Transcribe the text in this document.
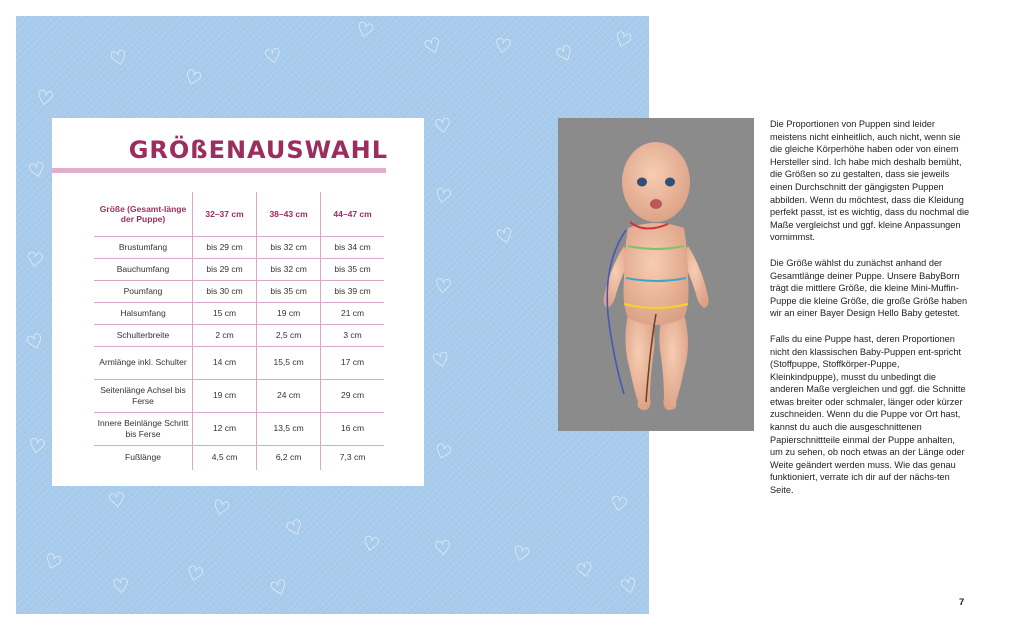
♡
♡
♡
♡
♡ ♡ ♡ ♡
♡
♡
♡
♡
♡
♡
♡
♡
♡
♡
♡
♡	♡
♡
♡	♡	♡
♡
♡
♡	♡	♡
♡
♡
GRÖßENAUSWAHL
Größe (Gesamt-länge der Puppe)	32–37 cm	38–43 cm	44–47 cm
Brustumfang	bis 29 cm	bis 32 cm	bis 34 cm
Bauchumfang	bis 29 cm	bis 32 cm	bis 35 cm
Poumfang	bis 30 cm	bis 35 cm	bis 39 cm
Halsumfang	15 cm	19 cm	21 cm
Schulterbreite	2 cm	2,5 cm	3 cm
Armlänge inkl. Schulter	14 cm	15,5 cm	17 cm
Seitenlänge Achsel bis Ferse	19 cm	24 cm	29 cm
Innere Beinlänge Schritt bis Ferse	12 cm	13,5 cm	16 cm
Fußlänge	4,5 cm	6,2 cm	7,3 cm

Die Proportionen von Puppen sind leider meistens nicht einheitlich, auch nicht, wenn sie die gleiche Körperhöhe haben oder von einem Hersteller sind. Ich habe mich deshalb bemüht, die Größen so zu gestalten, dass sie jeweils einen Durchschnitt der gängigsten Puppen abbilden. Wenn du möchtest, dass die Kleidung perfekt passt, ist es wichtig, dass du nochmal die Maße vergleichst und ggf. kleine Anpassungen vornimmst.

Die Größe wählst du zunächst anhand der Gesamtlänge deiner Puppe. Unsere BabyBorn trägt die mittlere Größe, die kleine Mini-Muffin-Puppe die kleine Größe, die große Größe haben wir an einer Bayer Design Hello Baby getestet.

Falls du eine Puppe hast, deren Proportionen nicht den klassischen Baby-Puppen ent-spricht (Stoffpuppe, Stoffkörper-Puppe, Kleinkindpuppe), musst du unbedingt die anderen Maße vergleichen und ggf. die Schnitte etwas breiter oder schmaler, länger oder kürzer zuschneiden. Wenn du die Puppe vor Ort hast, kannst du auch die ausgeschnittenen Papierschnittteile einmal der Puppe anhalten, um zu sehen, ob noch etwas an der Länge oder Weite geändert werden muss. Wie das genau funktioniert, verrate ich dir auf der nächs-ten Seite.

7
